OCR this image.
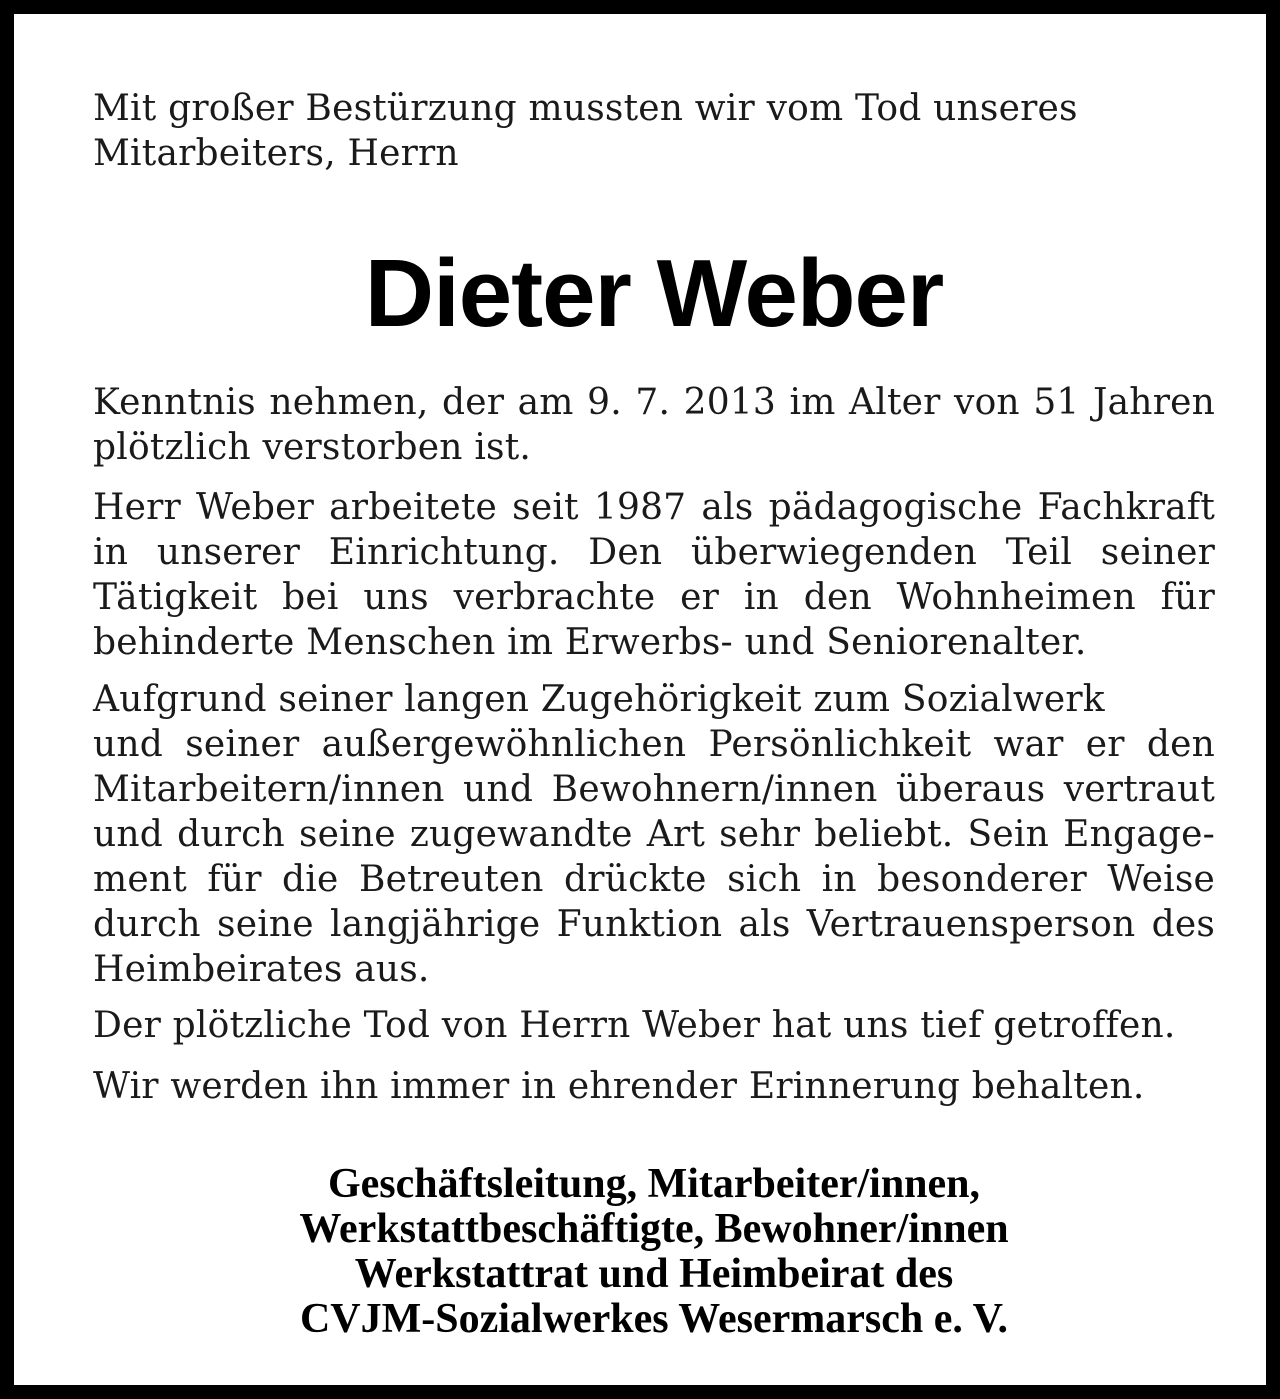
Mit großer Bestürzung mussten wir vom Tod unseres
Mitarbeiters, Herrn
Dieter Weber
Kenntnis nehmen, der am 9. 7. 2013 im Alter von 51 Jahren
plötzlich verstorben ist.
Herr Weber arbeitete seit 1987 als pädagogische Fachkraft
in unserer Einrichtung. Den überwiegenden Teil seiner
Tätigkeit bei uns verbrachte er in den Wohnheimen für
behinderte Menschen im Erwerbs- und Seniorenalter.
Aufgrund seiner langen Zugehörigkeit zum Sozialwerk
und seiner außergewöhnlichen Persönlichkeit war er den
Mitarbeitern/innen und Bewohnern/innen überaus vertraut
und durch seine zugewandte Art sehr beliebt. Sein Engage-
ment für die Betreuten drückte sich in besonderer Weise
durch seine langjährige Funktion als Vertrauensperson des
Heimbeirates aus.
Der plötzliche Tod von Herrn Weber hat uns tief getroffen.
Wir werden ihn immer in ehrender Erinnerung behalten.
Geschäftsleitung, Mitarbeiter/innen,
Werkstattbeschäftigte, Bewohner/innen
Werkstattrat und Heimbeirat des
CVJM-Sozialwerkes Wesermarsch e. V.
